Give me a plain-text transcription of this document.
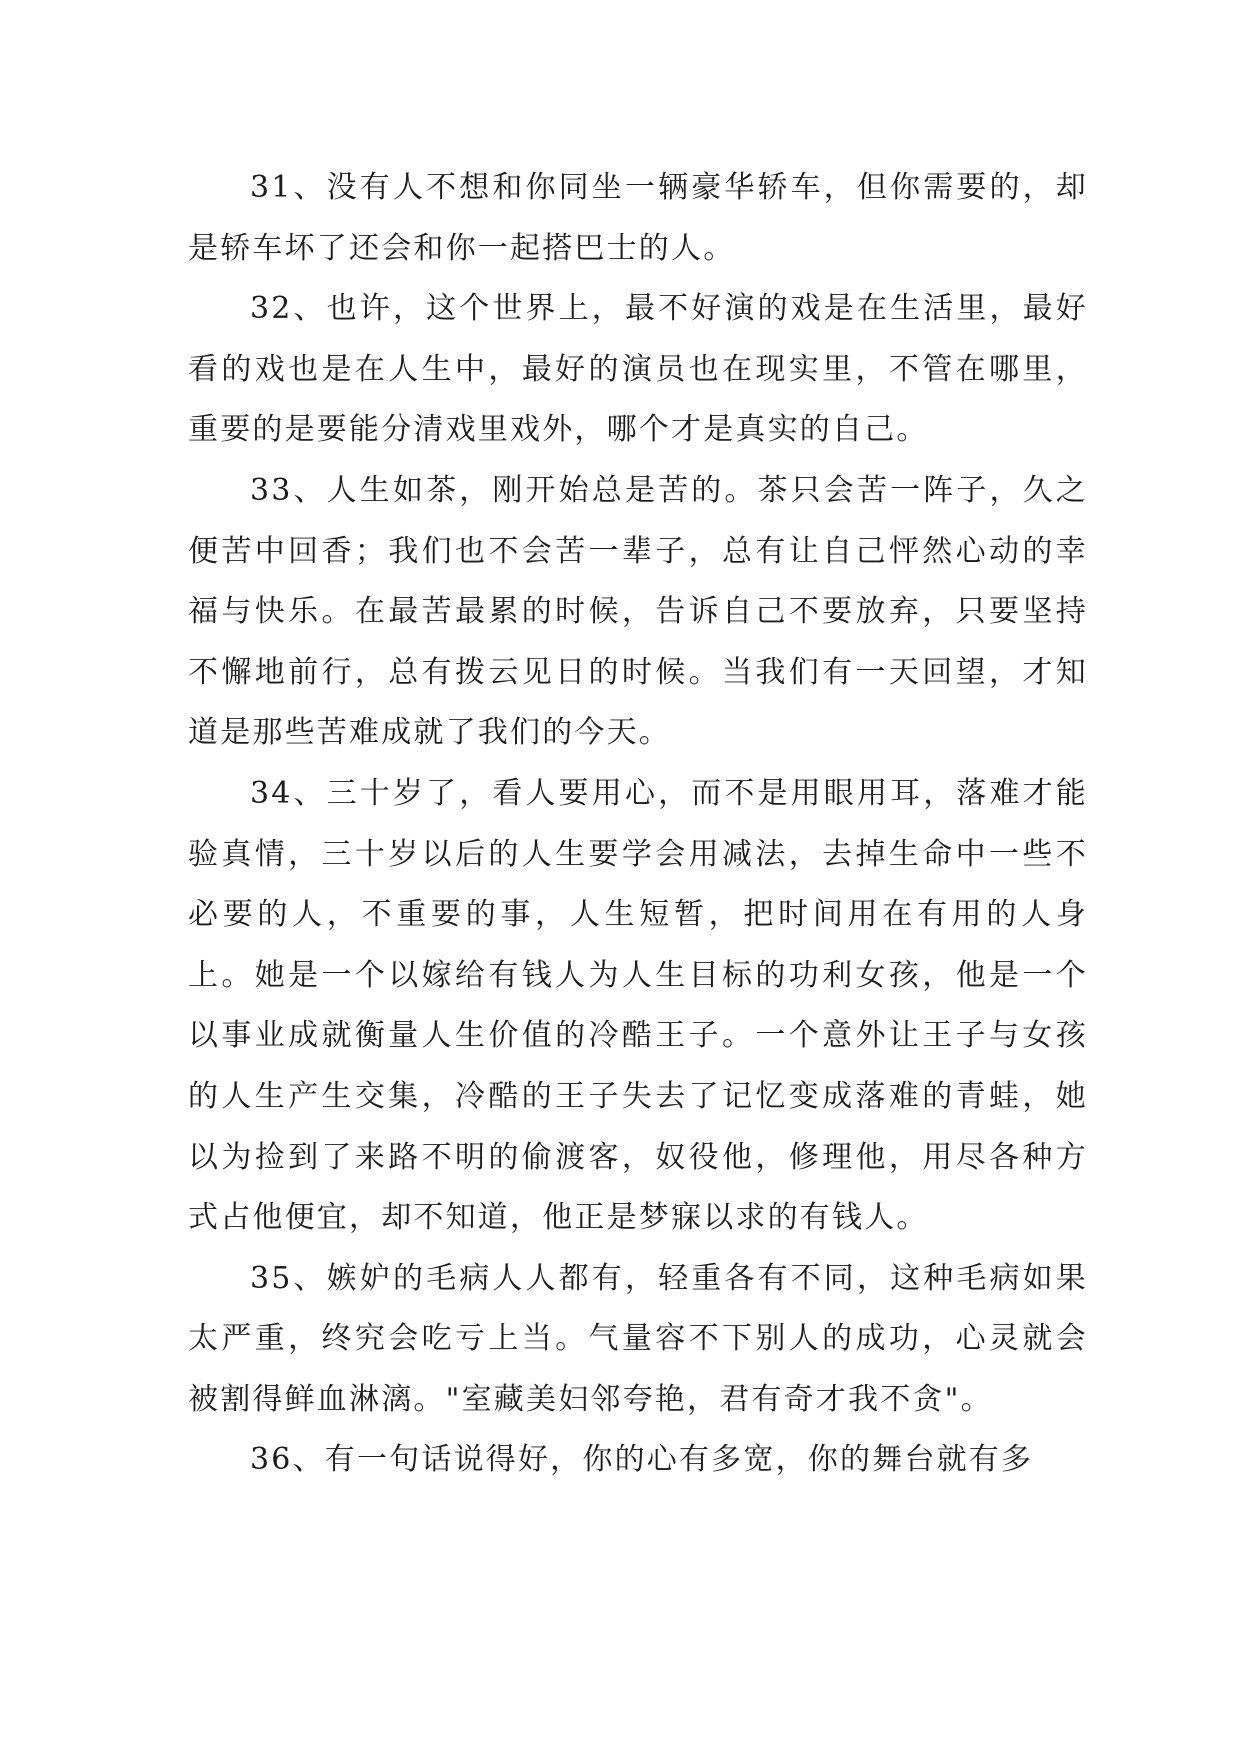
31、没有人不想和你同坐一辆豪华轿车，但你需要的，却是轿车坏了还会和你一起搭巴士的人。

32、也许，这个世界上，最不好演的戏是在生活里，最好看的戏也是在人生中，最好的演员也在现实里，不管在哪里，重要的是要能分清戏里戏外，哪个才是真实的自己。

33、人生如茶，刚开始总是苦的。茶只会苦一阵子，久之便苦中回香；我们也不会苦一辈子，总有让自己怦然心动的幸福与快乐。在最苦最累的时候，告诉自己不要放弃，只要坚持不懈地前行，总有拨云见日的时候。当我们有一天回望，才知道是那些苦难成就了我们的今天。

34、三十岁了，看人要用心，而不是用眼用耳，落难才能验真情，三十岁以后的人生要学会用减法，去掉生命中一些不必要的人，不重要的事，人生短暂，把时间用在有用的人身上。她是一个以嫁给有钱人为人生目标的功利女孩，他是一个以事业成就衡量人生价值的冷酷王子。一个意外让王子与女孩的人生产生交集，冷酷的王子失去了记忆变成落难的青蛙，她以为捡到了来路不明的偷渡客，奴役他，修理他，用尽各种方式占他便宜，却不知道，他正是梦寐以求的有钱人。

35、嫉妒的毛病人人都有，轻重各有不同，这种毛病如果太严重，终究会吃亏上当。气量容不下别人的成功，心灵就会被割得鲜血淋漓。"室藏美妇邻夸艳，君有奇才我不贪"。

36、有一句话说得好，你的心有多宽，你的舞台就有多
